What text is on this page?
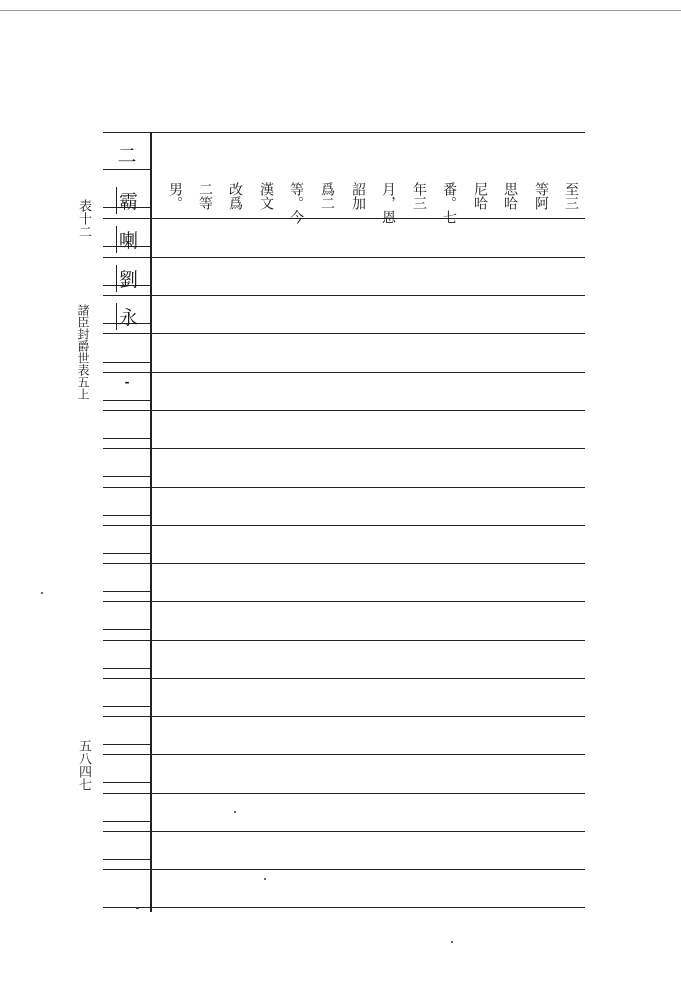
表十二
諸臣封爵世表五上
五八四七
二
霸
喇
劉
永
-
至三
等阿
思哈
尼哈
番。七
年三
月，恩
詔加
爲二
等。今
漢文
改爲
二等
男。
